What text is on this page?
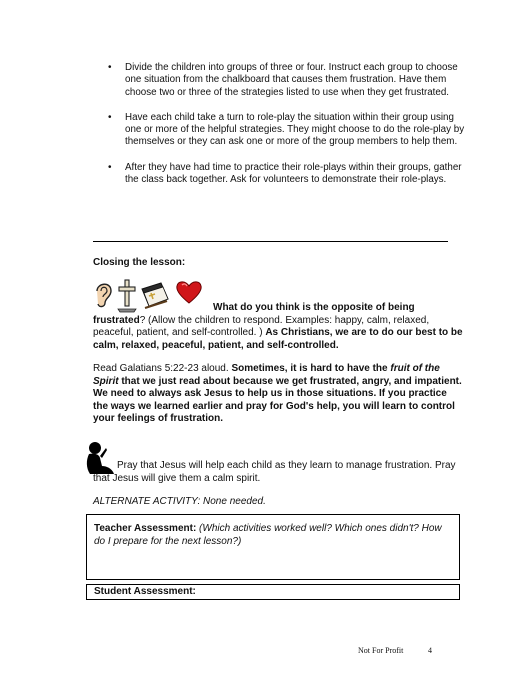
• Divide the children into groups of three or four. Instruct each group to choose one situation from the chalkboard that causes them frustration. Have them choose two or three of the strategies listed to use when they get frustrated.
• Have each child take a turn to role-play the situation within their group using one or more of the helpful strategies. They might choose to do the role-play by themselves or they can ask one or more of the group members to help them.
• After they have had time to practice their role-plays within their groups, gather the class back together. Ask for volunteers to demonstrate their role-plays.
Closing the lesson:
What do you think is the opposite of being frustrated? (Allow the children to respond. Examples: happy, calm, relaxed, peaceful, patient, and self-controlled. ) As Christians, we are to do our best to be calm, relaxed, peaceful, patient, and self-controlled.
Read Galatians 5:22-23 aloud. Sometimes, it is hard to have the fruit of the Spirit that we just read about because we get frustrated, angry, and impatient. We need to always ask Jesus to help us in those situations. If you practice the ways we learned earlier and pray for God's help, you will learn to control your feelings of frustration.
Pray that Jesus will help each child as they learn to manage frustration. Pray that Jesus will give them a calm spirit.
ALTERNATE ACTIVITY: None needed.
Teacher Assessment: (Which activities worked well? Which ones didn't? How do I prepare for the next lesson?)
Student Assessment:
Not For Profit	4
